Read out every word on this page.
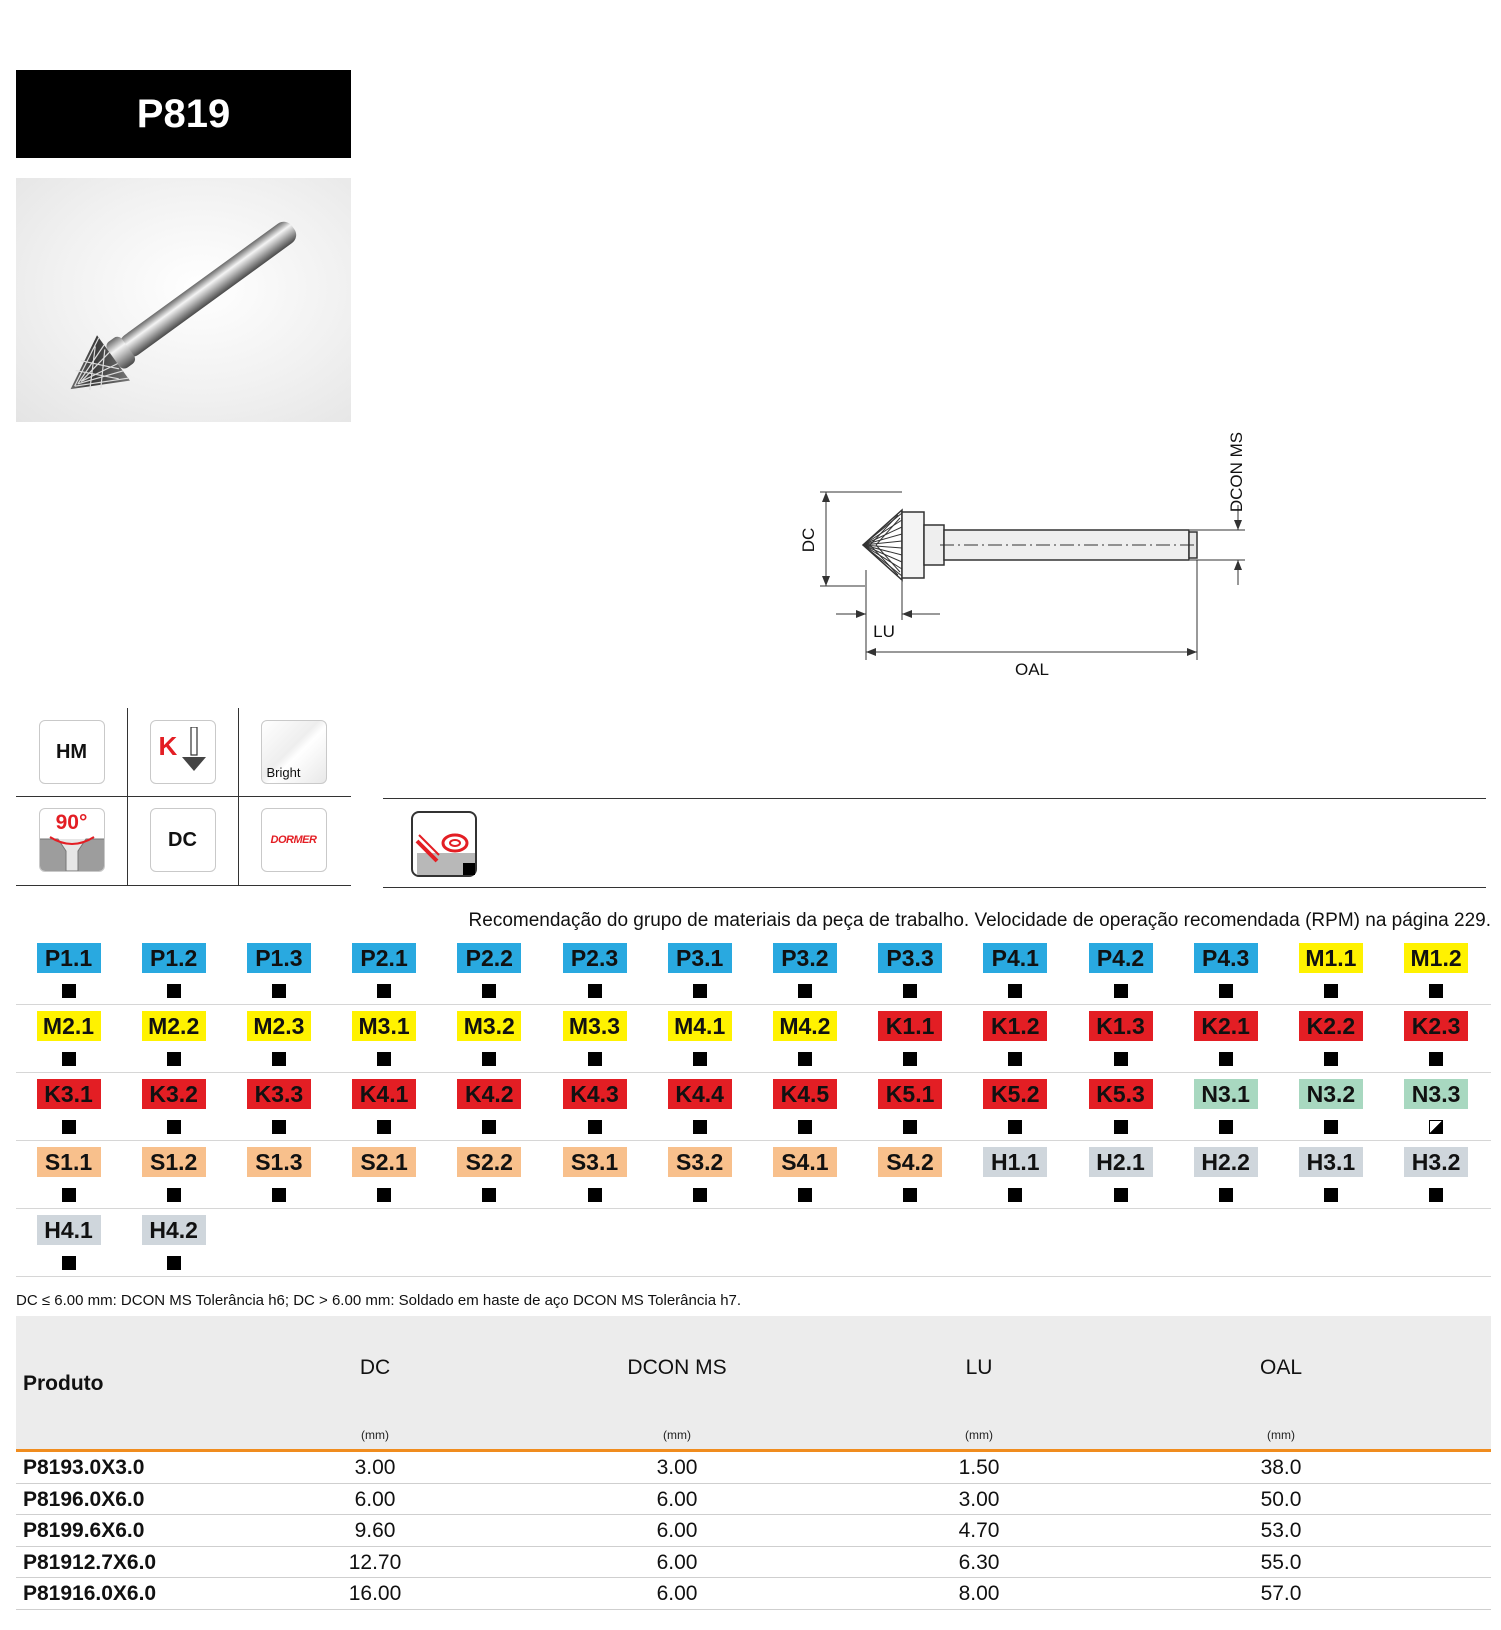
P819
DC
LU
OAL
DCON MS
HM	K
Bright
90°
DC	DORMER
Recomendação do grupo de materiais da peça de trabalho. Velocidade de operação recomendada (RPM) na página 229.
P1.1	P1.2	P1.3	P2.1	P2.2	P2.3	P3.1	P3.2	P3.3	P4.1	P4.2	P4.3	M1.1 M1.2
M2.1 M2.2 M2.3 M3.1 M3.2 M3.3 M4.1 M4.2	K1.1	K1.2	K1.3	K2.1	K2.2	K2.3
K3.1	K3.2	K3.3	K4.1	K4.2	K4.3	K4.4	K4.5	K5.1	K5.2	K5.3	N3.1	N3.2	N3.3
S1.1	S1.2	S1.3	S2.1	S2.2	S3.1	S3.2	S4.1	S4.2	H1.1	H2.1	H2.2	H3.1	H3.2
H4.1	H4.2
DC ≤ 6.00 mm: DCON MS Tolerância h6; DC > 6.00 mm: Soldado em haste de aço DCON MS Tolerância h7.
Produto
DC	DCON MS	LU	OAL
(mm)	(mm)	(mm)	(mm)
P8193.0X3.0	3.00	3.00	1.50	38.0
P8196.0X6.0	6.00	6.00	3.00	50.0
P8199.6X6.0	9.60	6.00	4.70	53.0
P81912.7X6.0	12.70	6.00	6.30	55.0
P81916.0X6.0	16.00	6.00	8.00	57.0
